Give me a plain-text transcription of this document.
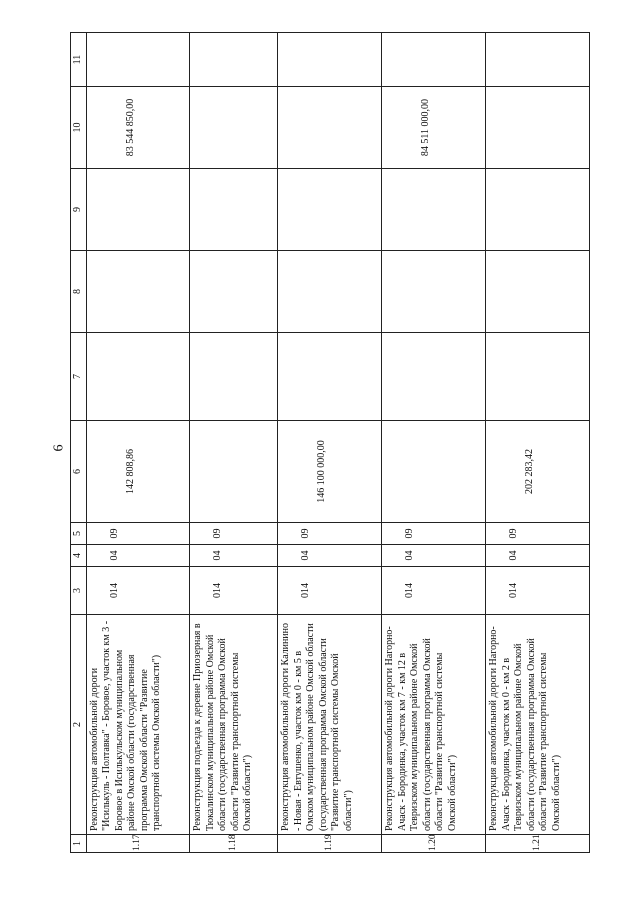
6
1	2	3	4	5	6	7	8	9	10	11
1.17	Реконструкция автомобильной дороги "Исилькуль - Полтавка" - Боровое, участок км 3 - Боровое в Исилькульском муниципальном районе Омской области (государственная программа Омской области "Развитие транспортной системы Омской области")	014	04	09	142 808,86				83 544 850,00	
1.18	Реконструкция подъезда к деревне Приозерная в Тюкалинском муниципальном районе Омской области (государственная программа Омской области "Развитие транспортной системы Омской области")	014	04	09						
1.19	Реконструкция автомобильной дороги Калинино - Новая - Евтушенко, участок км 0 - км 5 в Омском муниципальном районе Омской области (государственная программа Омской области "Развитие транспортной системы Омской области")	014	04	09	146 100 000,00					
1.20	Реконструкция автомобильной дороги Нагорно-Ачаск - Бородинка, участок км 7 - км 12 в Тевризском муниципальном районе Омской области (государственная программа Омской области "Развитие транспортной системы Омской области")	014	04	09					84 511 000,00	
1.21	Реконструкция автомобильной дороги Нагорно-Ачаск - Бородинка, участок км 0 - км 2 в Тевризском муниципальном районе Омской области (государственная программа Омской области "Развитие транспортной системы Омской области")	014	04	09	202 283,42					
